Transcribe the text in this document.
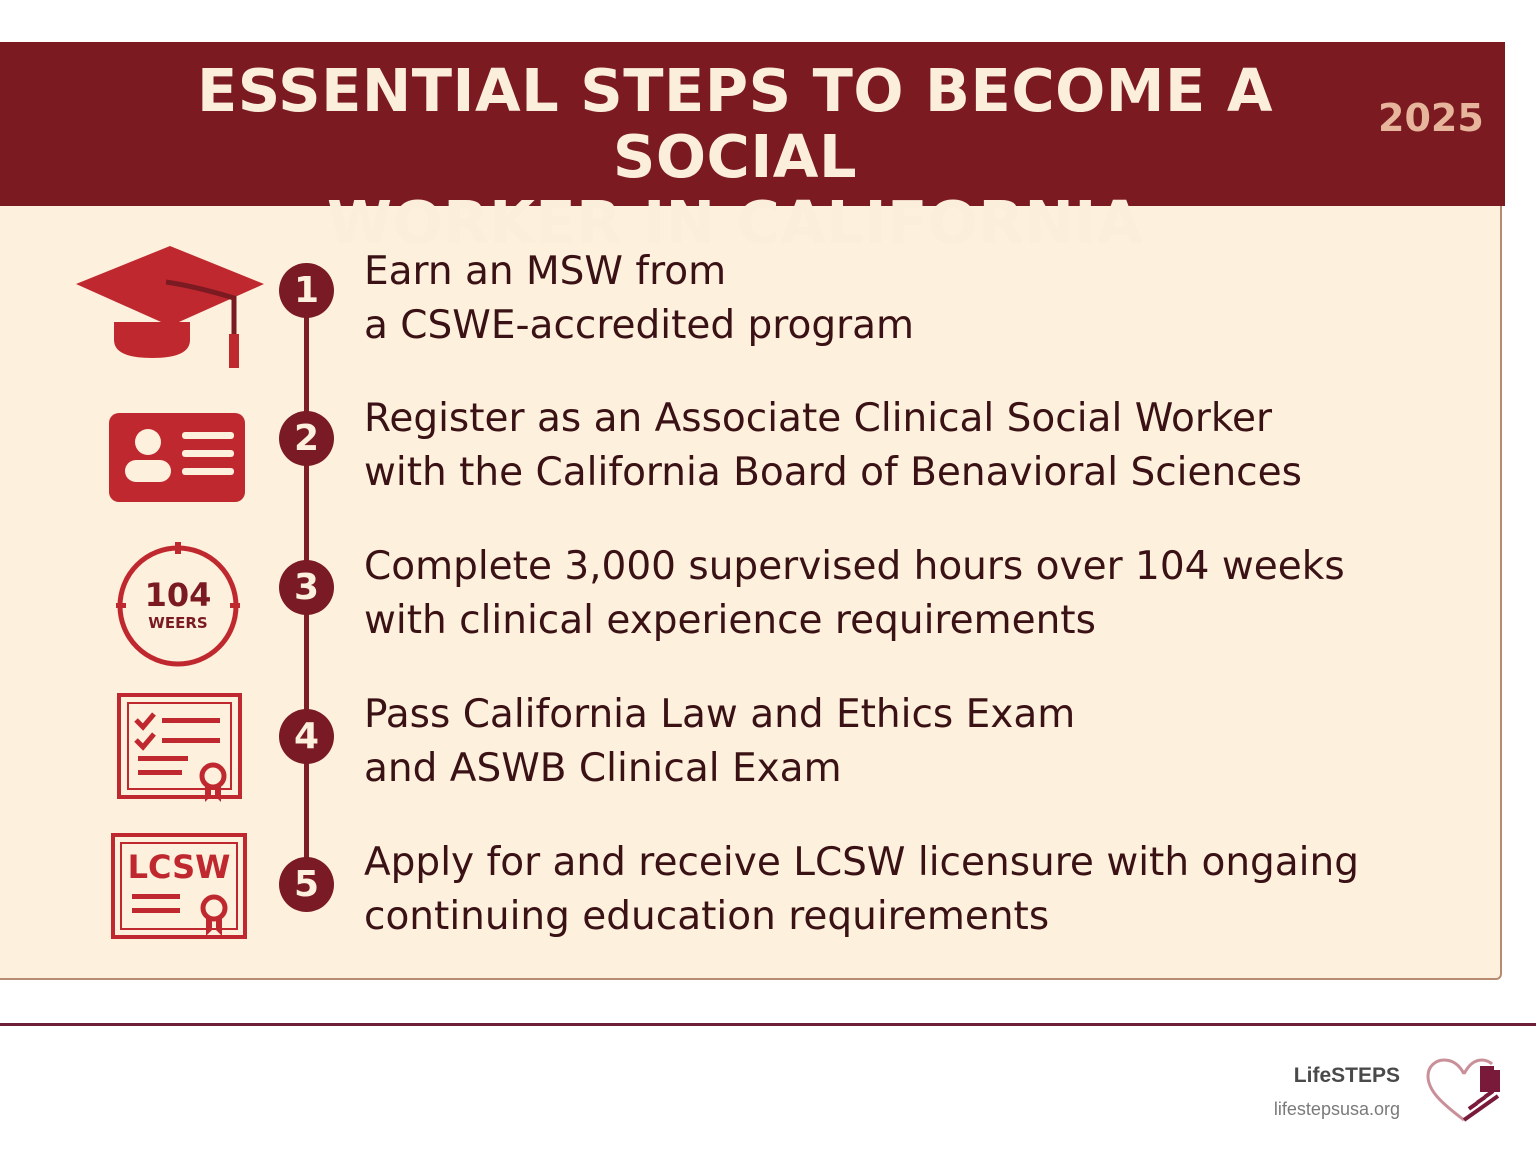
ESSENTIAL STEPS TO BECOME A SOCIAL
WORKER IN CALIFORNIA
2025
1	Earn an MSW from
a CSWE-accredited program
2	Register as an Associate Clinical Social Worker
with the California Board of Benavioral Sciences
104
WEERS
3	Complete 3,000 supervised hours over 104 weeks
with clinical experience requirements
4	Pass California Law and Ethics Exam
and ASWB Clinical Exam
LCSW	5	Apply for and receive LCSW licensure with ongaing
continuing education requirements
LifeSTEPS
lifestepsusa.org
